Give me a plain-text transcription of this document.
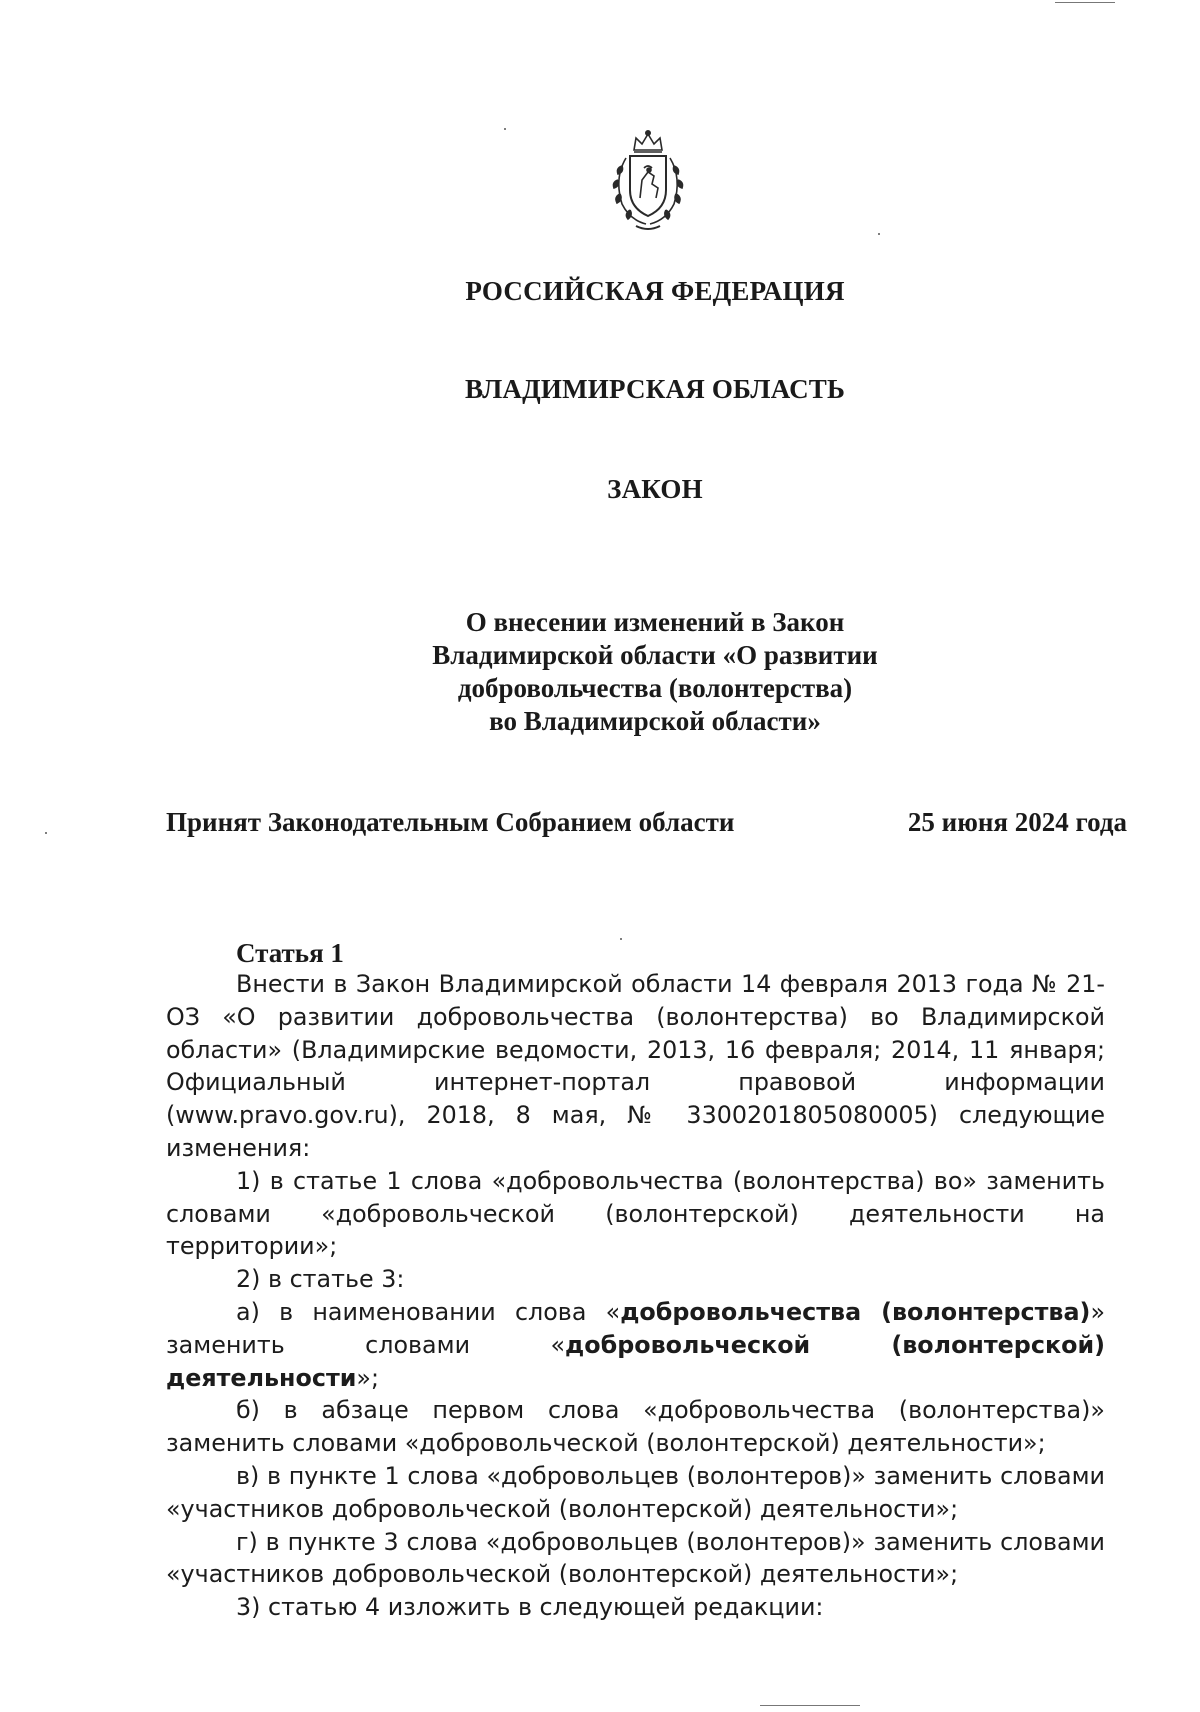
РОССИЙСКАЯ ФЕДЕРАЦИЯ
ВЛАДИМИРСКАЯ ОБЛАСТЬ
ЗАКОН
О внесении изменений в Закон
Владимирской области «О развитии
добровольчества (волонтерства)
во Владимирской области»
Принят Законодательным Собранием области	25 июня 2024 года
Статья 1

Внести в Закон Владимирской области 14 февраля 2013 года № 21-ОЗ «О развитии добровольчества (волонтерства) во Владимирской области» (Владимирские ведомости, 2013, 16 февраля; 2014, 11 января; Официальный интернет-портал правовой информации (www.pravo.gov.ru), 2018, 8 мая, № 3300201805080005) следующие изменения:

1) в статье 1 слова «добровольчества (волонтерства) во» заменить словами «добровольческой (волонтерской) деятельности на территории»;

2) в статье 3:

а) в наименовании слова «добровольчества (волонтерства)» заменить словами «добровольческой (волонтерской) деятельности»;

б) в абзаце первом слова «добровольчества (волонтерства)» заменить словами «добровольческой (волонтерской) деятельности»;

в) в пункте 1 слова «добровольцев (волонтеров)» заменить словами «участников добровольческой (волонтерской) деятельности»;

г) в пункте 3 слова «добровольцев (волонтеров)» заменить словами «участников добровольческой (волонтерской) деятельности»;

3) статью 4 изложить в следующей редакции:
